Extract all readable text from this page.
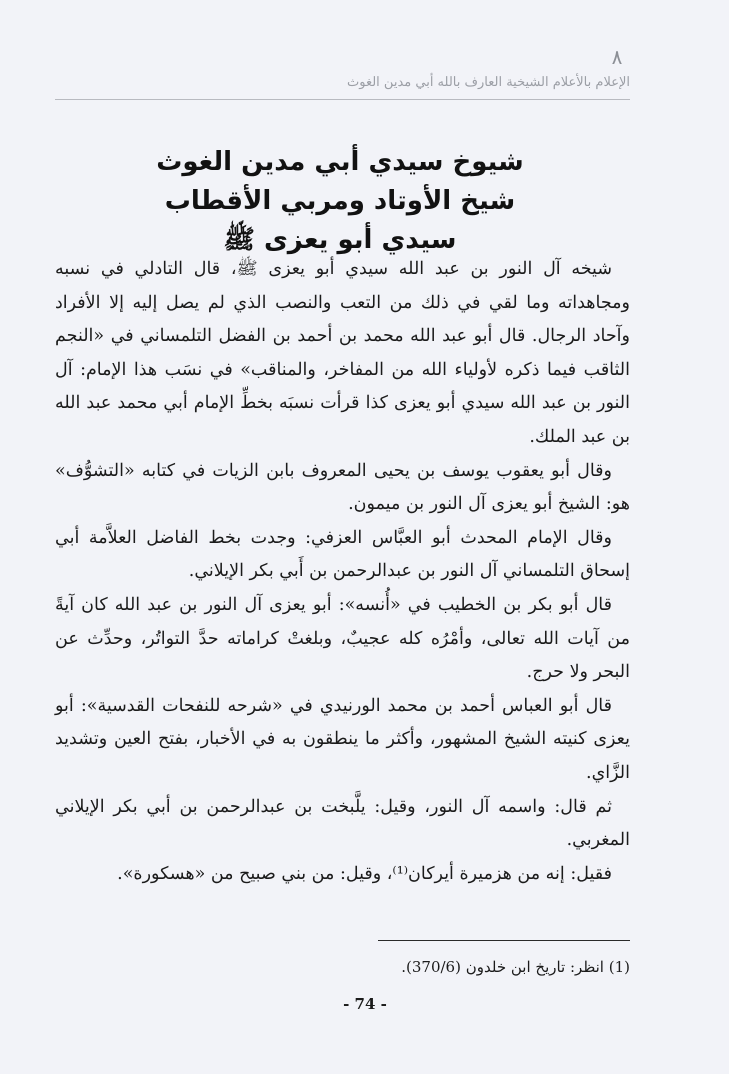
٨
الإعلام بالأعلام الشيخية العارف بالله أبي مدين الغوث
شيوخ سيدي أبي مدين الغوث
شيخ الأوتاد ومربي الأقطاب
سيدي أبو يعزى ﷺ

شيخه آل النور بن عبد الله سيدي أبو يعزى ﷺ، قال التادلي في نسبه ومجاهداته وما لقي في ذلك من التعب والنصب الذي لم يصل إليه إلا الأفراد وآحاد الرجال. قال أبو عبد الله محمد بن أحمد بن الفضل التلمساني في «النجم الثاقب فيما ذكره لأولياء الله من المفاخر، والمناقب» في نسَب هذا الإمام: آل النور بن عبد الله سيدي أبو يعزى كذا قرأت نسبَه بخطِّ الإمام أبي محمد عبد الله بن عبد الملك.

وقال أبو يعقوب يوسف بن يحيى المعروف بابن الزيات في كتابه «التشوُّف» هو: الشيخ أبو يعزى آل النور بن ميمون.

وقال الإمام المحدث أبو العبَّاس العزفي: وجدت بخط الفاضل العلاَّمة أبي إسحاق التلمساني آل النور بن عبدالرحمن بن أَبي بكر الإيلاني.

قال أبو بكر بن الخطيب في «أُنسه»: أبو يعزى آل النور بن عبد الله كان آيةً من آيات الله تعالى، وأمْرُه كله عجيبٌ، وبلغتْ كراماته حدَّ التواتُر، وحدِّث عن البحر ولا حرج.

قال أبو العباس أحمد بن محمد الورنيدي في «شرحه للنفحات القدسية»: أبو يعزى كنيته الشيخ المشهور، وأكثر ما ينطقون به في الأخبار، بفتح العين وتشديد الزَّاي.

ثم قال: واسمه آل النور، وقيل: يلَّبخت بن عبدالرحمن بن أبي بكر الإيلاني المغربي.

فقيل: إنه من هزميرة أيركان⁽¹⁾، وقيل: من بني صبيح من «هسكورة».

(1) انظر: تاريخ ابن خلدون (370/6).
- 74 -
